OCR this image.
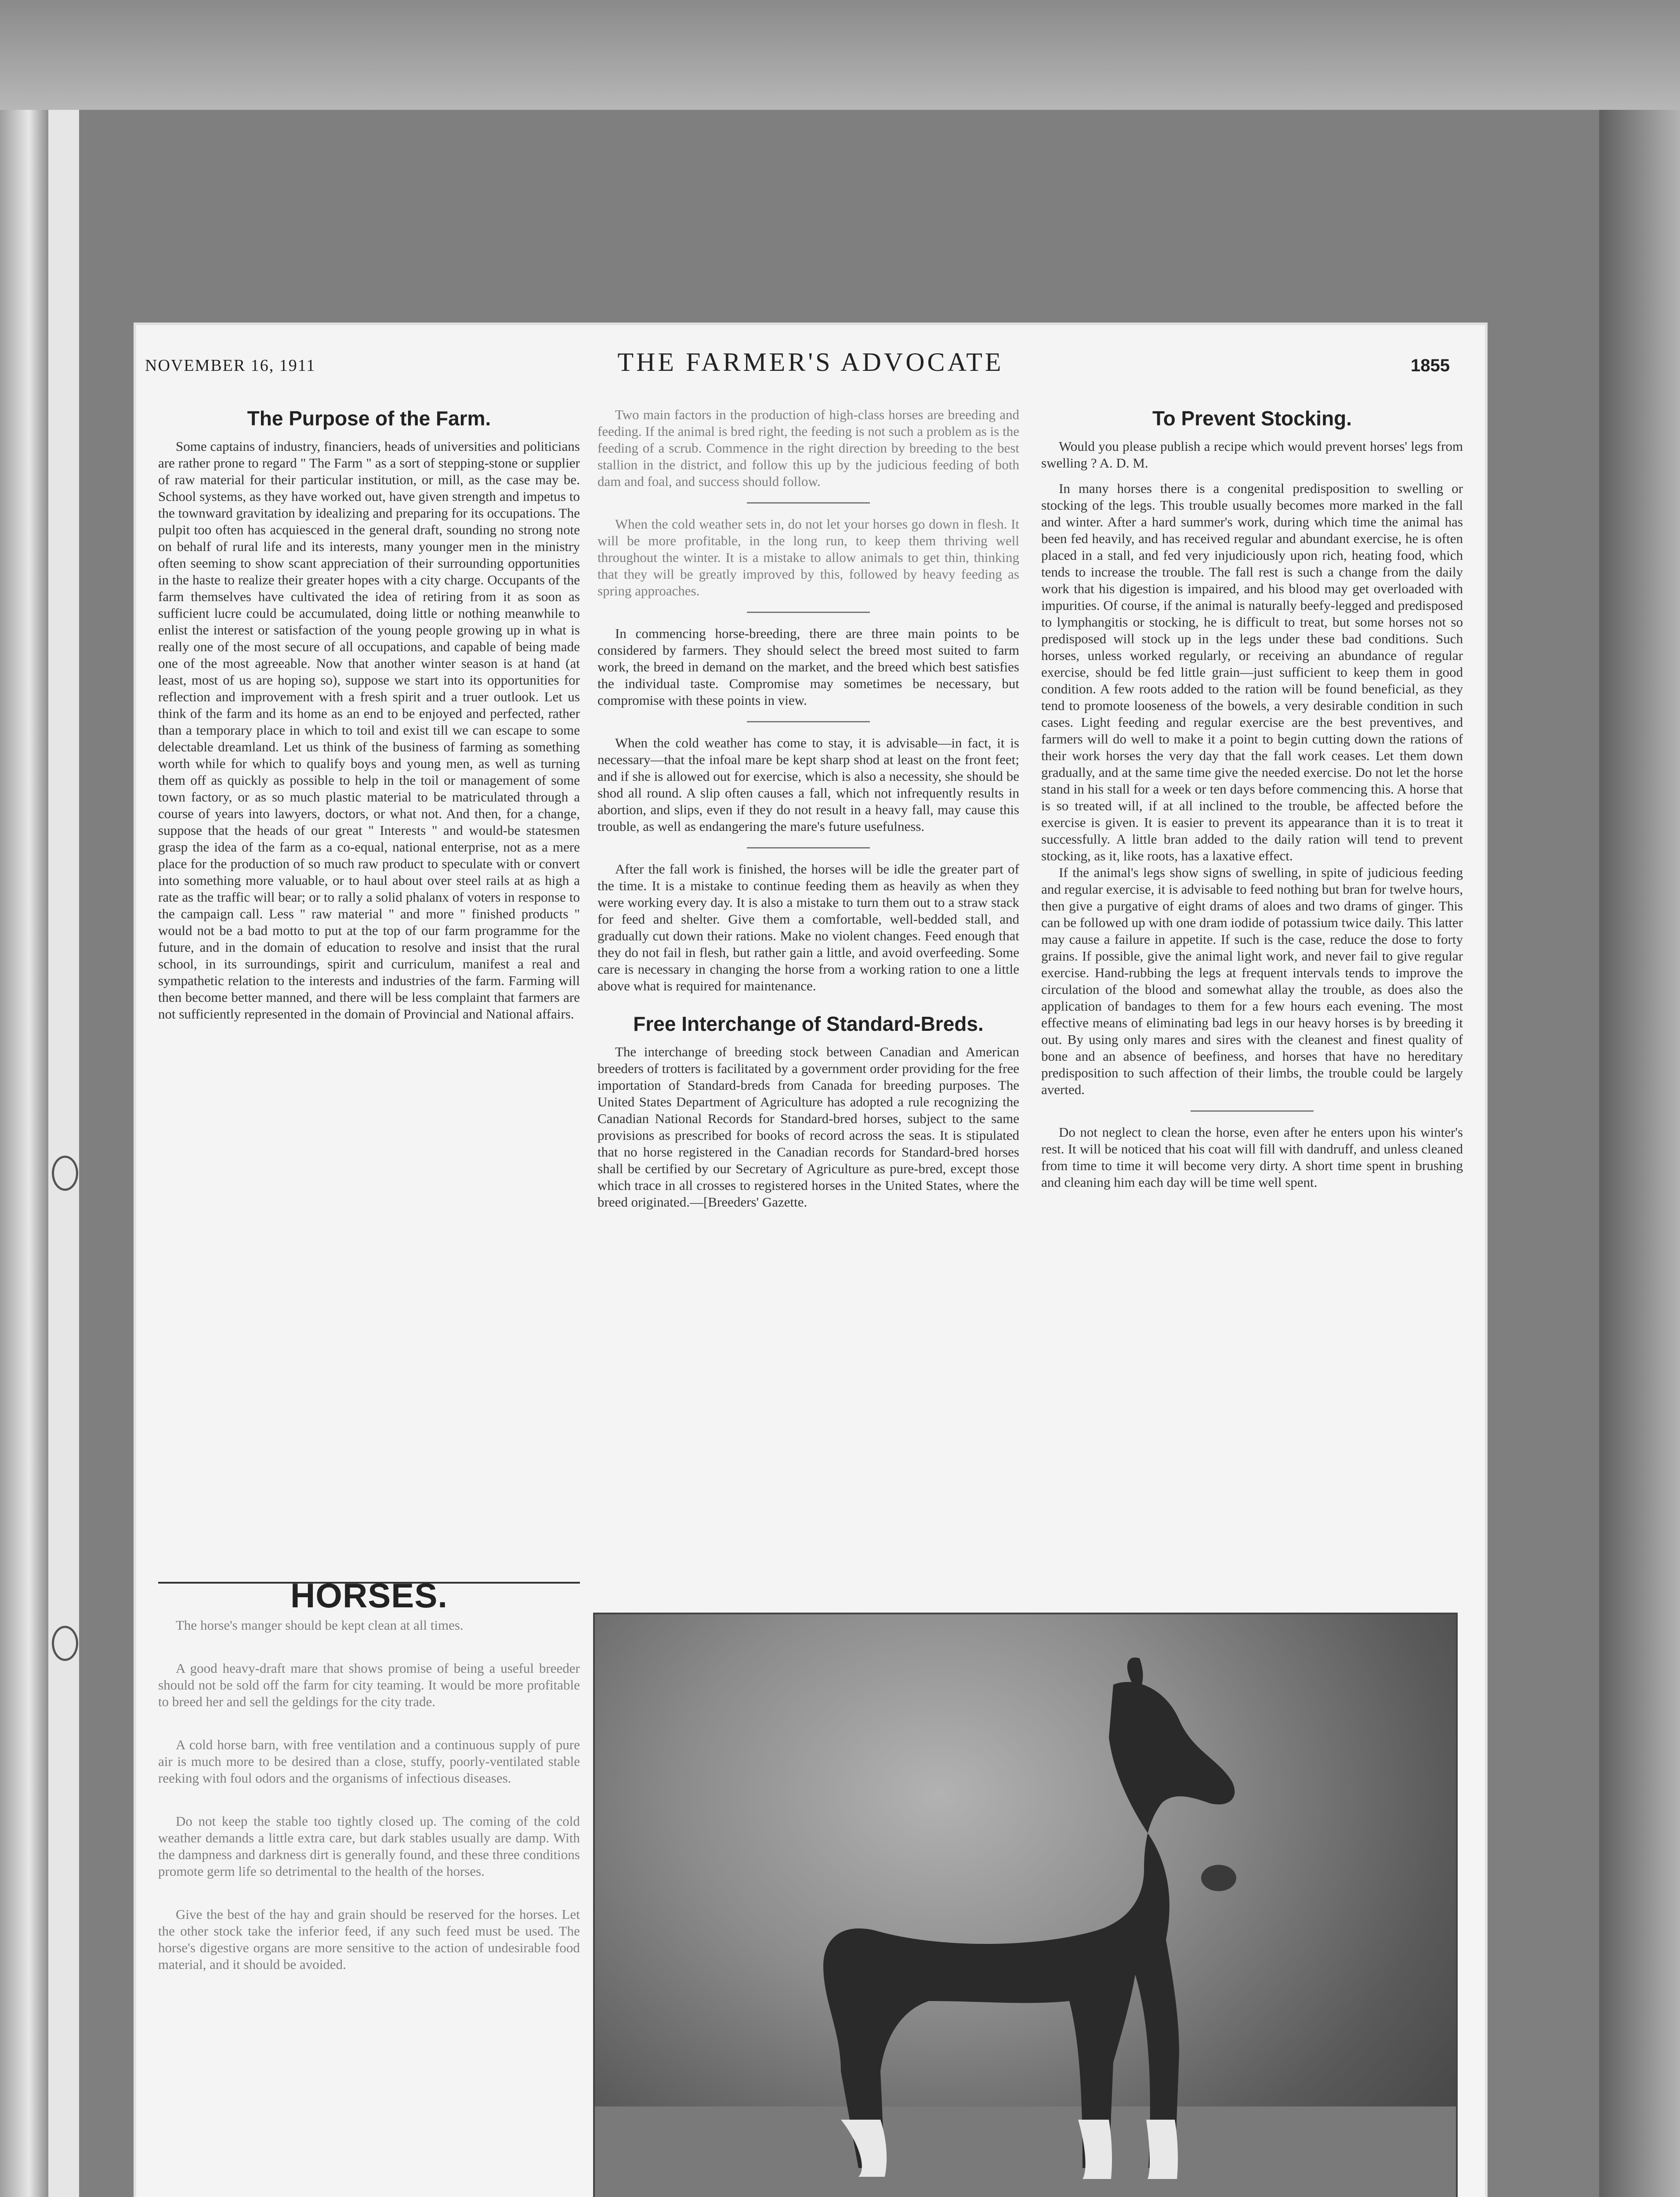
THE FARMER'S ADVOCATE
NOVEMBER 16, 1911	1855
The Purpose of the Farm.

Some captains of industry, financiers, heads of universities and politicians are rather prone to regard " The Farm " as a sort of stepping-stone or supplier of raw material for their particular institution, or mill, as the case may be. School systems, as they have worked out, have given strength and impetus to the townward gravitation by idealizing and preparing for its occupations. The pulpit too often has acquiesced in the general draft, sounding no strong note on behalf of rural life and its interests, many younger men in the ministry often seeming to show scant appreciation of their surrounding opportunities in the haste to realize their greater hopes with a city charge. Occupants of the farm themselves have cultivated the idea of retiring from it as soon as sufficient lucre could be accumulated, doing little or nothing meanwhile to enlist the interest or satisfaction of the young people growing up in what is really one of the most secure of all occupations, and capable of being made one of the most agreeable. Now that another winter season is at hand (at least, most of us are hoping so), suppose we start into its opportunities for reflection and improvement with a fresh spirit and a truer outlook. Let us think of the farm and its home as an end to be enjoyed and perfected, rather than a temporary place in which to toil and exist till we can escape to some delectable dreamland. Let us think of the business of farming as something worth while for which to qualify boys and young men, as well as turning them off as quickly as possible to help in the toil or management of some town factory, or as so much plastic material to be matriculated through a course of years into lawyers, doctors, or what not. And then, for a change, suppose that the heads of our great " Interests " and would-be statesmen grasp the idea of the farm as a co-equal, national enterprise, not as a mere place for the production of so much raw product to speculate with or convert into something more valuable, or to haul about over steel rails at as high a rate as the traffic will bear; or to rally a solid phalanx of voters in response to the campaign call. Less " raw material " and more " finished products " would not be a bad motto to put at the top of our farm programme for the future, and in the domain of education to resolve and insist that the rural school, in its surroundings, spirit and curriculum, manifest a real and sympathetic relation to the interests and industries of the farm. Farming will then become better manned, and there will be less complaint that farmers are not sufficiently represented in the domain of Provincial and National affairs.

HORSES.

The horse's manger should be kept clean at all times.

A good heavy-draft mare that shows promise of being a useful breeder should not be sold off the farm for city teaming. It would be more profitable to breed her and sell the geldings for the city trade.

A cold horse barn, with free ventilation and a continuous supply of pure air is much more to be desired than a close, stuffy, poorly-ventilated stable reeking with foul odors and the organisms of infectious diseases.

Do not keep the stable too tightly closed up. The coming of the cold weather demands a little extra care, but dark stables usually are damp. With the dampness and darkness dirt is generally found, and these three conditions promote germ life so detrimental to the health of the horses.

Give the best of the hay and grain should be reserved for the horses. Let the other stock take the inferior feed, if any such feed must be used. The horse's digestive organs are more sensitive to the action of undesirable food material, and it should be avoided.

Two main factors in the production of high-class horses are breeding and feeding. If the animal is bred right, the feeding is not such a problem as is the feeding of a scrub. Commence in the right direction by breeding to the best stallion in the district, and follow this up by the judicious feeding of both dam and foal, and success should follow.

When the cold weather sets in, do not let your horses go down in flesh. It will be more profitable, in the long run, to keep them thriving well throughout the winter. It is a mistake to allow animals to get thin, thinking that they will be greatly improved by this, followed by heavy feeding as spring approaches.

In commencing horse-breeding, there are three main points to be considered by farmers. They should select the breed most suited to farm work, the breed in demand on the market, and the breed which best satisfies the individual taste. Compromise may sometimes be necessary, but compromise with these points in view.

When the cold weather has come to stay, it is advisable—in fact, it is necessary—that the infoal mare be kept sharp shod at least on the front feet; and if she is allowed out for exercise, which is also a necessity, she should be shod all round. A slip often causes a fall, which not infrequently results in abortion, and slips, even if they do not result in a heavy fall, may cause this trouble, as well as endangering the mare's future usefulness.

After the fall work is finished, the horses will be idle the greater part of the time. It is a mistake to continue feeding them as heavily as when they were working every day. It is also a mistake to turn them out to a straw stack for feed and shelter. Give them a comfortable, well-bedded stall, and gradually cut down their rations. Make no violent changes. Feed enough that they do not fail in flesh, but rather gain a little, and avoid overfeeding. Some care is necessary in changing the horse from a working ration to one a little above what is required for maintenance.

Free Interchange of Standard-Breds.

The interchange of breeding stock between Canadian and American breeders of trotters is facilitated by a government order providing for the free importation of Standard-breds from Canada for breeding purposes. The United States Department of Agriculture has adopted a rule recognizing the Canadian National Records for Standard-bred horses, subject to the same provisions as prescribed for books of record across the seas. It is stipulated that no horse registered in the Canadian records for Standard-bred horses shall be certified by our Secretary of Agriculture as pure-bred, except those which trace in all crosses to registered horses in the United States, where the breed originated.—[Breeders' Gazette.

To Prevent Stocking.

Would you please publish a recipe which would prevent horses' legs from swelling ? A. D. M.

In many horses there is a congenital predisposition to swelling or stocking of the legs. This trouble usually becomes more marked in the fall and winter. After a hard summer's work, during which time the animal has been fed heavily, and has received regular and abundant exercise, he is often placed in a stall, and fed very injudiciously upon rich, heating food, which tends to increase the trouble. The fall rest is such a change from the daily work that his digestion is impaired, and his blood may get overloaded with impurities. Of course, if the animal is naturally beefy-legged and predisposed to lymphangitis or stocking, he is difficult to treat, but some horses not so predisposed will stock up in the legs under these bad conditions. Such horses, unless worked regularly, or receiving an abundance of regular exercise, should be fed little grain—just sufficient to keep them in good condition. A few roots added to the ration will be found beneficial, as they tend to promote looseness of the bowels, a very desirable condition in such cases. Light feeding and regular exercise are the best preventives, and farmers will do well to make it a point to begin cutting down the rations of their work horses the very day that the fall work ceases. Let them down gradually, and at the same time give the needed exercise. Do not let the horse stand in his stall for a week or ten days before commencing this. A horse that is so treated will, if at all inclined to the trouble, be affected before the exercise is given. It is easier to prevent its appearance than it is to treat it successfully. A little bran added to the daily ration will tend to prevent stocking, as it, like roots, has a laxative effect.

If the animal's legs show signs of swelling, in spite of judicious feeding and regular exercise, it is advisable to feed nothing but bran for twelve hours, then give a purgative of eight drams of aloes and two drams of ginger. This can be followed up with one dram iodide of potassium twice daily. This latter may cause a failure in appetite. If such is the case, reduce the dose to forty grains. If possible, give the animal light work, and never fail to give regular exercise. Hand-rubbing the legs at frequent intervals tends to improve the circulation of the blood and somewhat allay the trouble, as does also the application of bandages to them for a few hours each evening. The most effective means of eliminating bad legs in our heavy horses is by breeding it out. By using only mares and sires with the cleanest and finest quality of bone and an absence of beefiness, and horses that have no hereditary predisposition to such affection of their limbs, the trouble could be largely averted.

Do not neglect to clean the horse, even after he enters upon his winter's rest. It will be noticed that his coat will fill with dandruff, and unless cleaned from time to time it will become very dirty. A short time spent in brushing and cleaning him each day will be time well spent.
